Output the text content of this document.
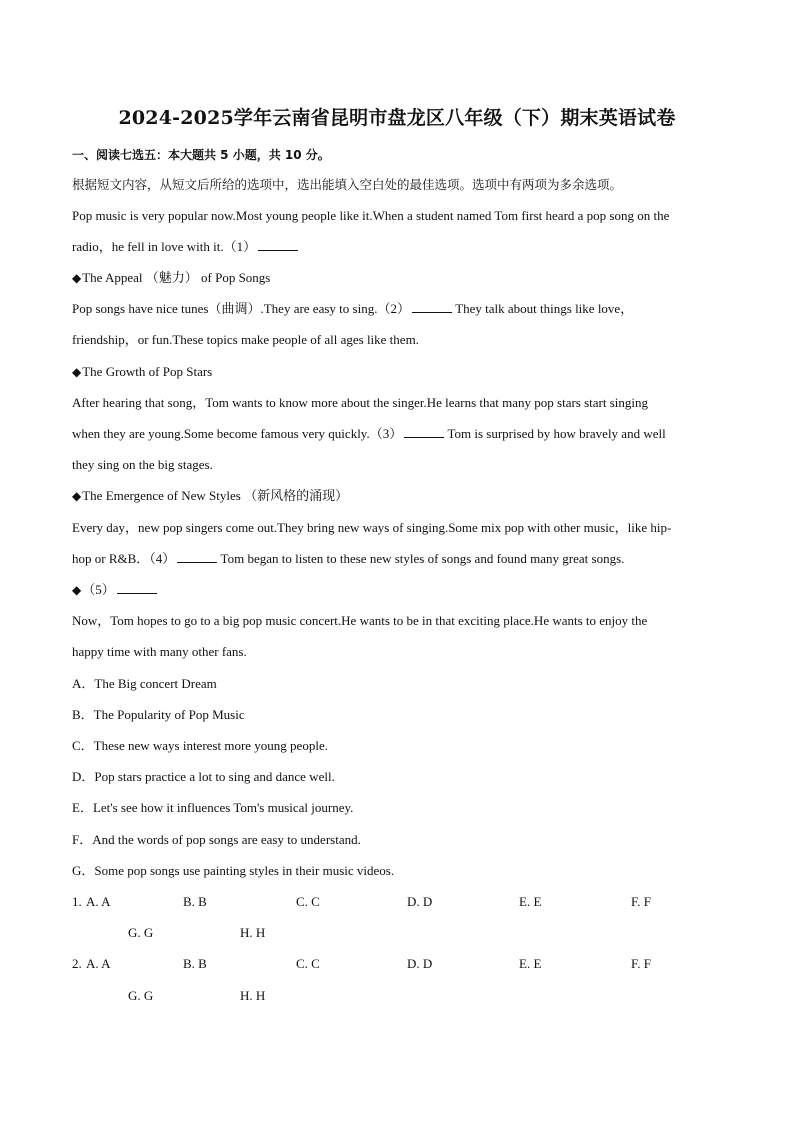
2024-2025学年云南省昆明市盘龙区八年级（下）期末英语试卷
一、阅读七选五：本大题共 5 小题，共 10 分。
根据短文内容，从短文后所给的选项中，选出能填入空白处的最佳选项。选项中有两项为多余选项。
Pop music is very popular now.Most young people like it.When a student named Tom first heard a pop song on the
radio，he fell in love with it.（1）
◆The Appeal （魅力） of Pop Songs
Pop songs have nice tunes（曲调）.They are easy to sing.（2）	They talk about things like love，
friendship，or fun.These topics make people of all ages like them.
◆The Growth of Pop Stars
After hearing that song，Tom wants to know more about the singer.He learns that many pop stars start singing
when they are young.Some become famous very quickly.（3）	Tom is surprised by how bravely and well
they sing on the big stages.
◆The Emergence of New Styles （新风格的涌现）
Every day，new pop singers come out.They bring new ways of singing.Some mix pop with other music，like hip-
hop or R&B．（4）	Tom began to listen to these new styles of songs and found many great songs.
◆（5）
Now，Tom hopes to go to a big pop music concert.He wants to be in that exciting place.He wants to enjoy the
happy time with many other fans.
A．The Big concert Dream
B．The Popularity of Pop Music
C．These new ways interest more young people.
D．Pop stars practice a lot to sing and dance well.
E．Let's see how it influences Tom's musical journey.
F．And the words of pop songs are easy to understand.
G．Some pop songs use painting styles in their music videos.
1. A. A	B. B	C. C	D. D	E. E	F. F
G. G	H. H
2. A. A	B. B	C. C	D. D	E. E	F. F
G. G	H. H
